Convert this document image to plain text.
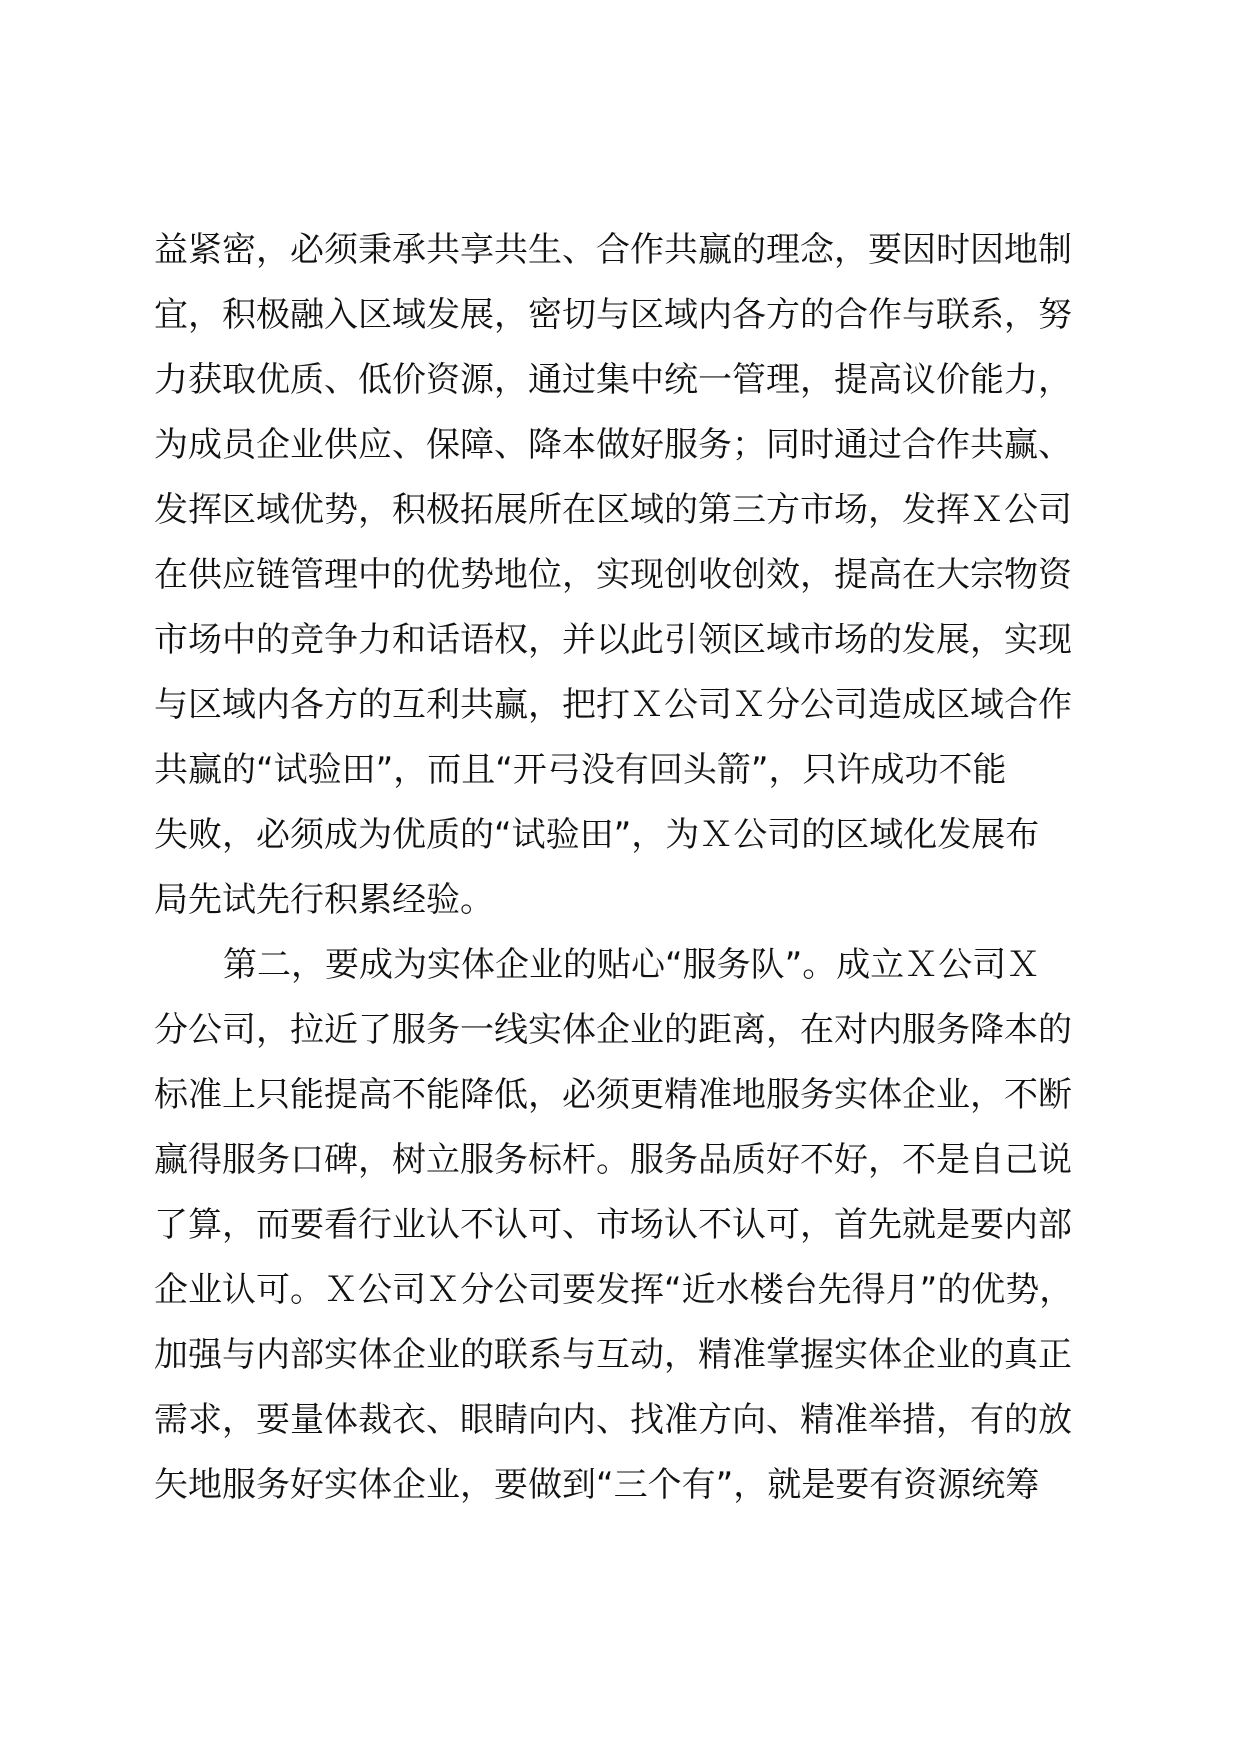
益紧密，必须秉承共享共生、合作共赢的理念，要因时因地制
宜，积极融入区域发展，密切与区域内各方的合作与联系，努
力获取优质、低价资源，通过集中统一管理，提高议价能力，
为成员企业供应、保障、降本做好服务；同时通过合作共赢、
发挥区域优势，积极拓展所在区域的第三方市场，发挥Ｘ公司
在供应链管理中的优势地位，实现创收创效，提高在大宗物资
市场中的竞争力和话语权，并以此引领区域市场的发展，实现
与区域内各方的互利共赢，把打Ｘ公司Ｘ分公司造成区域合作
共赢的“试验田”，而且“开弓没有回头箭”，只许成功不能
失败，必须成为优质的“试验田”，为Ｘ公司的区域化发展布
局先试先行积累经验。
第二，要成为实体企业的贴心“服务队”。成立Ｘ公司Ｘ
分公司，拉近了服务一线实体企业的距离，在对内服务降本的
标准上只能提高不能降低，必须更精准地服务实体企业，不断
赢得服务口碑，树立服务标杆。服务品质好不好，不是自己说
了算，而要看行业认不认可、市场认不认可，首先就是要内部
企业认可。Ｘ公司Ｘ分公司要发挥“近水楼台先得月”的优势，
加强与内部实体企业的联系与互动，精准掌握实体企业的真正
需求，要量体裁衣、眼睛向内、找准方向、精准举措，有的放
矢地服务好实体企业，要做到“三个有”，就是要有资源统筹
